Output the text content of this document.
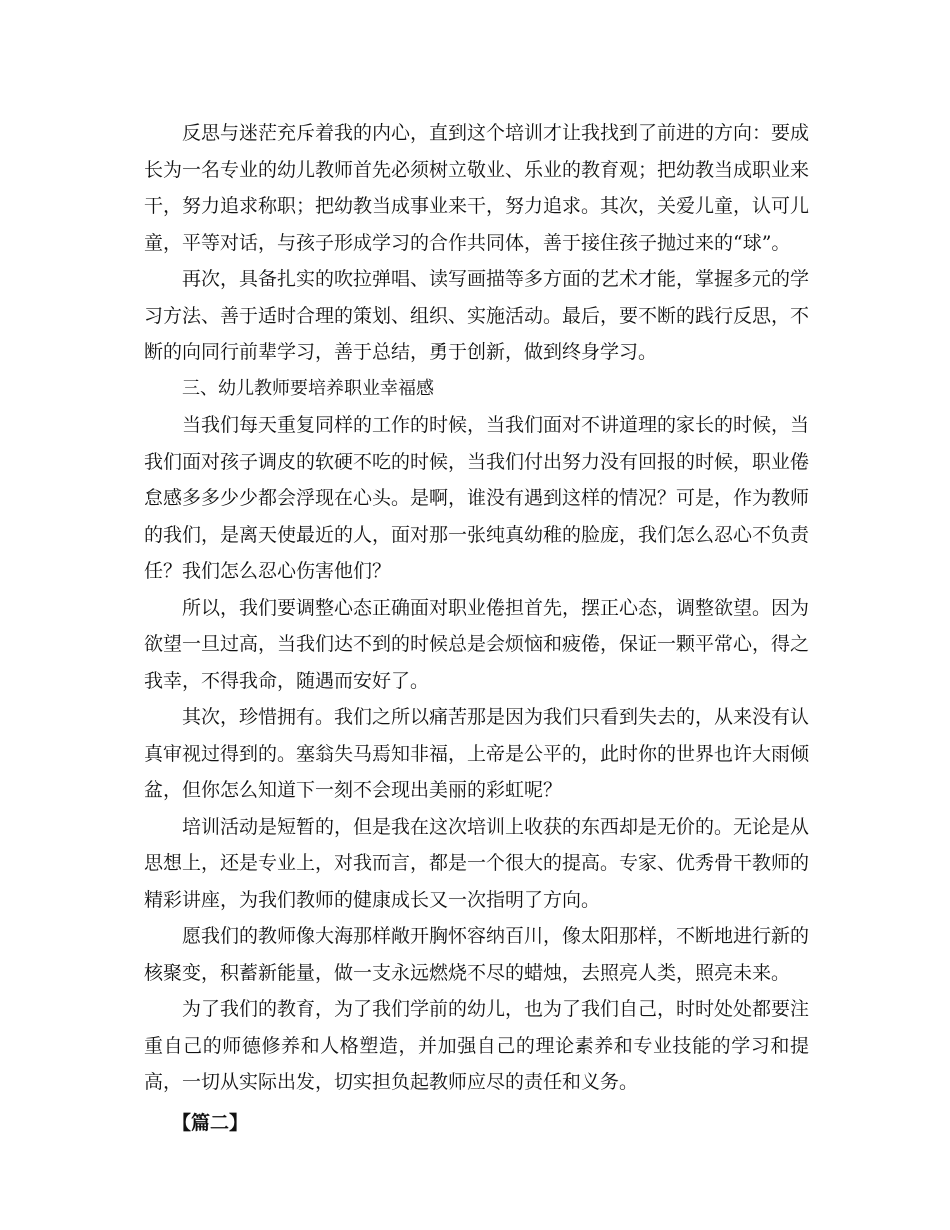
反思与迷茫充斥着我的内心，直到这个培训才让我找到了前进的方向：要成长为一名专业的幼儿教师首先必须树立敬业、乐业的教育观；把幼教当成职业来干，努力追求称职；把幼教当成事业来干，努力追求。其次，关爱儿童，认可儿童，平等对话，与孩子形成学习的合作共同体，善于接住孩子抛过来的“球”。

再次，具备扎实的吹拉弹唱、读写画描等多方面的艺术才能，掌握多元的学习方法、善于适时合理的策划、组织、实施活动。最后，要不断的践行反思，不断的向同行前辈学习，善于总结，勇于创新，做到终身学习。

三、幼儿教师要培养职业幸福感

当我们每天重复同样的工作的时候，当我们面对不讲道理的家长的时候，当我们面对孩子调皮的软硬不吃的时候，当我们付出努力没有回报的时候，职业倦怠感多多少少都会浮现在心头。是啊，谁没有遇到这样的情况？可是，作为教师的我们，是离天使最近的人，面对那一张纯真幼稚的脸庞，我们怎么忍心不负责任？我们怎么忍心伤害他们？

所以，我们要调整心态正确面对职业倦担首先，摆正心态，调整欲望。因为欲望一旦过高，当我们达不到的时候总是会烦恼和疲倦，保证一颗平常心，得之我幸，不得我命，随遇而安好了。

其次，珍惜拥有。我们之所以痛苦那是因为我们只看到失去的，从来没有认真审视过得到的。塞翁失马焉知非福，上帝是公平的，此时你的世界也许大雨倾盆，但你怎么知道下一刻不会现出美丽的彩虹呢？

培训活动是短暂的，但是我在这次培训上收获的东西却是无价的。无论是从思想上，还是专业上，对我而言，都是一个很大的提高。专家、优秀骨干教师的精彩讲座，为我们教师的健康成长又一次指明了方向。

愿我们的教师像大海那样敞开胸怀容纳百川，像太阳那样，不断地进行新的核聚变，积蓄新能量，做一支永远燃烧不尽的蜡烛，去照亮人类，照亮未来。

为了我们的教育，为了我们学前的幼儿，也为了我们自己，时时处处都要注重自己的师德修养和人格塑造，并加强自己的理论素养和专业技能的学习和提高，一切从实际出发，切实担负起教师应尽的责任和义务。

【篇二】
